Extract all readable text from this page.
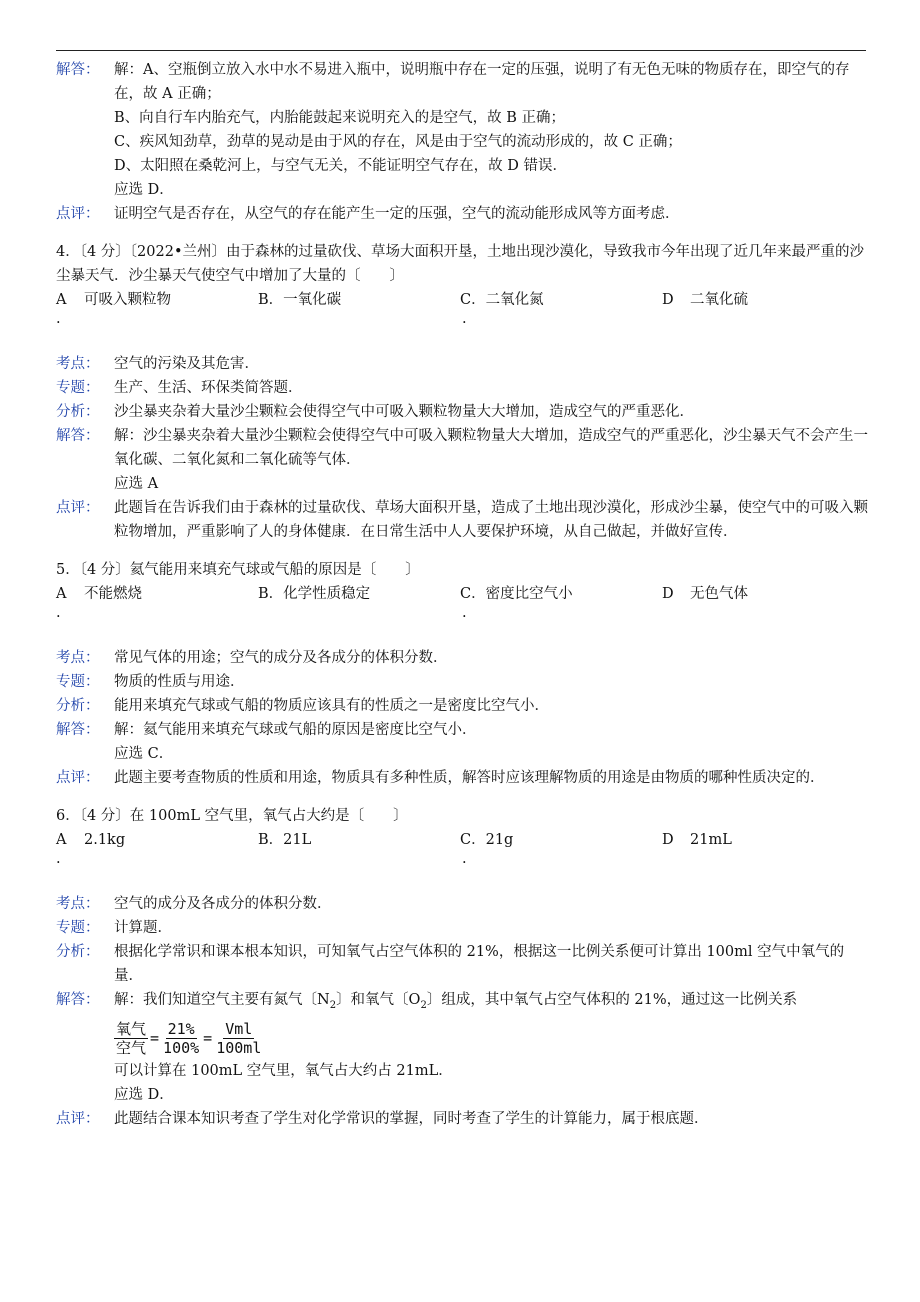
解答：	解：A、空瓶倒立放入水中水不易进入瓶中，说明瓶中存在一定的压强，说明了有无色无味的物质存在，即空气的存在，故 A 正确；

B、向自行车内胎充气，内胎能鼓起来说明充入的是空气，故 B 正确；

C、疾风知劲草，劲草的晃动是由于风的存在，风是由于空气的流动形成的，故 C 正确；

D、太阳照在桑乾河上，与空气无关，不能证明空气存在，故 D 错误．

应选 D．

点评：	证明空气是否存在，从空气的存在能产生一定的压强，空气的流动能形成风等方面考虑．
4．〔4 分〕〔2022•兰州〕由于森林的过量砍伐、草场大面积开垦，土地出现沙漠化，导致我市今年出现了近几年来最严重的沙尘暴天气．沙尘暴天气使空气中增加了大量的〔　　〕
A 可吸入颗粒物	B．一氧化碳	C．二氧化氮	D 二氧化硫
.	.
考点：	空气的污染及其危害．
专题：	生产、生活、环保类简答题．
分析：	沙尘暴夹杂着大量沙尘颗粒会使得空气中可吸入颗粒物量大大增加，造成空气的严重恶化．
解答：	解：沙尘暴夹杂着大量沙尘颗粒会使得空气中可吸入颗粒物量大大增加，造成空气的严重恶化，沙尘暴天气不会产生一氧化碳、二氧化氮和二氧化硫等气体．

应选 A

点评：	此题旨在告诉我们由于森林的过量砍伐、草场大面积开垦，造成了土地出现沙漠化，形成沙尘暴，使空气中的可吸入颗粒物增加，严重影响了人的身体健康．在日常生活中人人要保护环境，从自己做起，并做好宣传．
5．〔4 分〕氦气能用来填充气球或气船的原因是〔　　〕
A 不能燃烧	B．化学性质稳定	C．密度比空气小	D 无色气体
.	.
考点：	常见气体的用途；空气的成分及各成分的体积分数．
专题：	物质的性质与用途．
分析：	能用来填充气球或气船的物质应该具有的性质之一是密度比空气小．
解答：	解：氦气能用来填充气球或气船的原因是密度比空气小．

应选 C．

点评：	此题主要考查物质的性质和用途，物质具有多种性质，解答时应该理解物质的用途是由物质的哪种性质决定的．
6．〔4 分〕在 100mL 空气里，氧气占大约是〔　　〕
A 2.1kg	B．21L	C．21g	D 21mL
.	.
考点：	空气的成分及各成分的体积分数．
专题：	计算题．
分析：	根据化学常识和课本根本知识，可知氧气占空气体积的 21%，根据这一比例关系便可计算出 100ml 空气中氧气的量．
解答：	解：我们知道空气主要有氮气〔$N_2$〕和氧气〔$O_2$〕组成，其中氧气占空气体积的 21%，通过这一比例关系

氧气
空气
= $\frac{21\%}{100\%}$ =
Vml
100ml

可以计算在 100mL 空气里，氧气占大约占 21mL．

应选 D．

点评：	此题结合课本知识考查了学生对化学常识的掌握，同时考查了学生的计算能力，属于根底题．
